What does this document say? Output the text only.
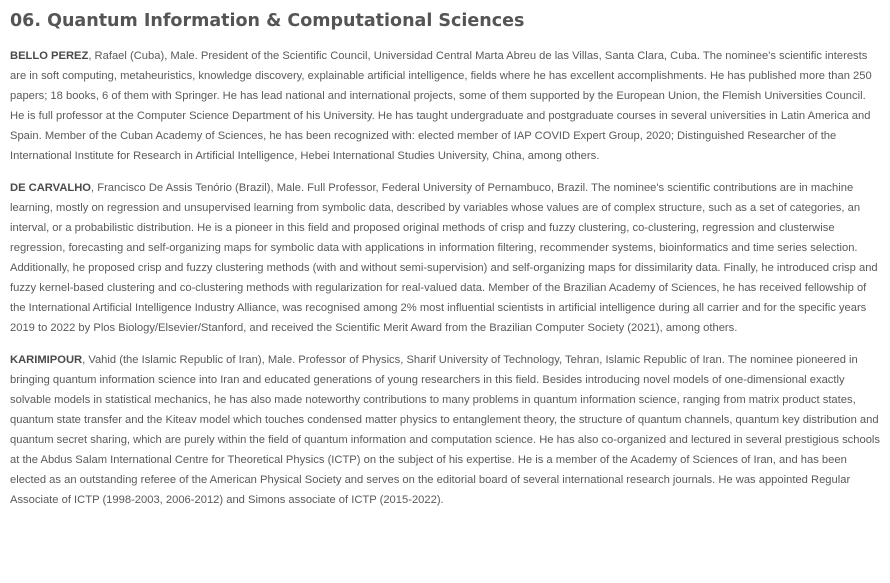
06. Quantum Information & Computational Sciences

BELLO PEREZ, Rafael (Cuba), Male. President of the Scientific Council, Universidad Central Marta Abreu de las Villas, Santa Clara, Cuba. The nominee's scientific interests are in soft computing, metaheuristics, knowledge discovery, explainable artificial intelligence, fields where he has excellent accomplishments. He has published more than 250 papers; 18 books, 6 of them with Springer. He has lead national and international projects, some of them supported by the European Union, the Flemish Universities Council. He is full professor at the Computer Science Department of his University. He has taught undergraduate and postgraduate courses in several universities in Latin America and Spain. Member of the Cuban Academy of Sciences, he has been recognized with: elected member of IAP COVID Expert Group, 2020; Distinguished Researcher of the International Institute for Research in Artificial Intelligence, Hebei International Studies University, China, among others.

DE CARVALHO, Francisco De Assis Tenório (Brazil), Male. Full Professor, Federal University of Pernambuco, Brazil. The nominee's scientific contributions are in machine learning, mostly on regression and unsupervised learning from symbolic data, described by variables whose values are of complex structure, such as a set of categories, an interval, or a probabilistic distribution. He is a pioneer in this field and proposed original methods of crisp and fuzzy clustering, co-clustering, regression and clusterwise regression, forecasting and self-organizing maps for symbolic data with applications in information filtering, recommender systems, bioinformatics and time series selection. Additionally, he proposed crisp and fuzzy clustering methods (with and without semi-supervision) and self-organizing maps for dissimilarity data. Finally, he introduced crisp and fuzzy kernel-based clustering and co-clustering methods with regularization for real-valued data. Member of the Brazilian Academy of Sciences, he has received fellowship of the International Artificial Intelligence Industry Alliance, was recognised among 2% most influential scientists in artificial intelligence during all carrier and for the specific years 2019 to 2022 by Plos Biology/Elsevier/Stanford, and received the Scientific Merit Award from the Brazilian Computer Society (2021), among others.

KARIMIPOUR, Vahid (the Islamic Republic of Iran), Male. Professor of Physics, Sharif University of Technology, Tehran, Islamic Republic of Iran. The nominee pioneered in bringing quantum information science into Iran and educated generations of young researchers in this field. Besides introducing novel models of one-dimensional exactly solvable models in statistical mechanics, he has also made noteworthy contributions to many problems in quantum information science, ranging from matrix product states, quantum state transfer and the Kiteav model which touches condensed matter physics to entanglement theory, the structure of quantum channels, quantum key distribution and quantum secret sharing, which are purely within the field of quantum information and computation science. He has also co-organized and lectured in several prestigious schools at the Abdus Salam International Centre for Theoretical Physics (ICTP) on the subject of his expertise. He is a member of the Academy of Sciences of Iran, and has been elected as an outstanding referee of the American Physical Society and serves on the editorial board of several international research journals. He was appointed Regular Associate of ICTP (1998-2003, 2006-2012) and Simons associate of ICTP (2015-2022).
